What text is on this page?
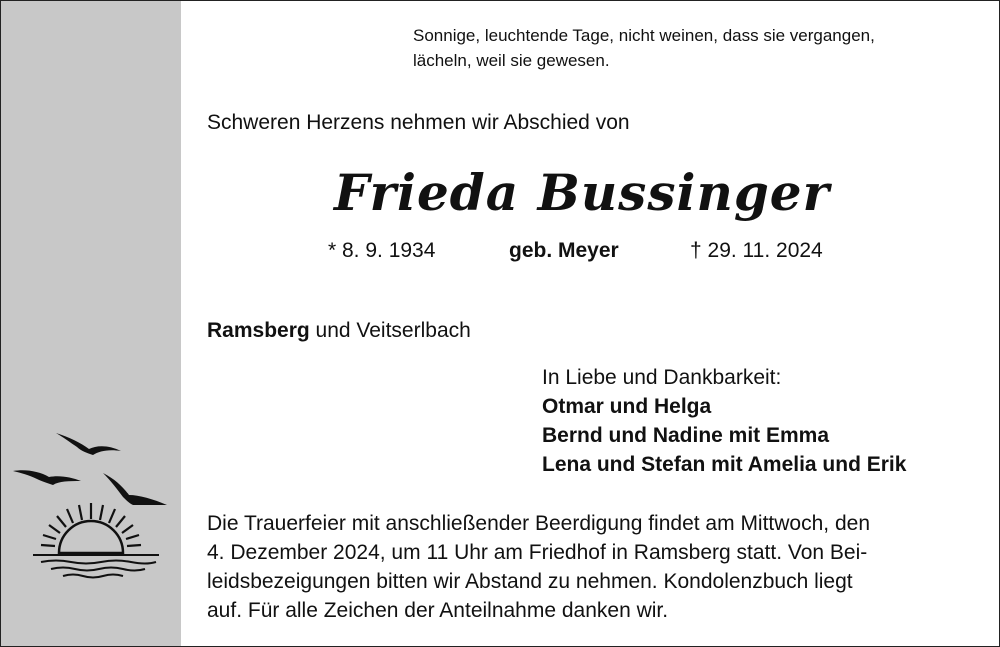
Sonnige, leuchtende Tage, nicht weinen, dass sie vergangen,
lächeln, weil sie gewesen.

Schweren Herzens nehmen wir Abschied von

Frieda Bussinger
* 8. 9. 1934	geb. Meyer	† 29. 11. 2024

Ramsberg und Veitserlbach

In Liebe und Dankbarkeit:
Otmar und Helga
Bernd und Nadine mit Emma
Lena und Stefan mit Amelia und Erik
Die Trauerfeier mit anschließender Beerdigung findet am Mittwoch, den
4. Dezember 2024, um 11 Uhr am Friedhof in Ramsberg statt. Von Bei-
leidsbezeigungen bitten wir Abstand zu nehmen. Kondolenzbuch liegt
auf. Für alle Zeichen der Anteilnahme danken wir.
